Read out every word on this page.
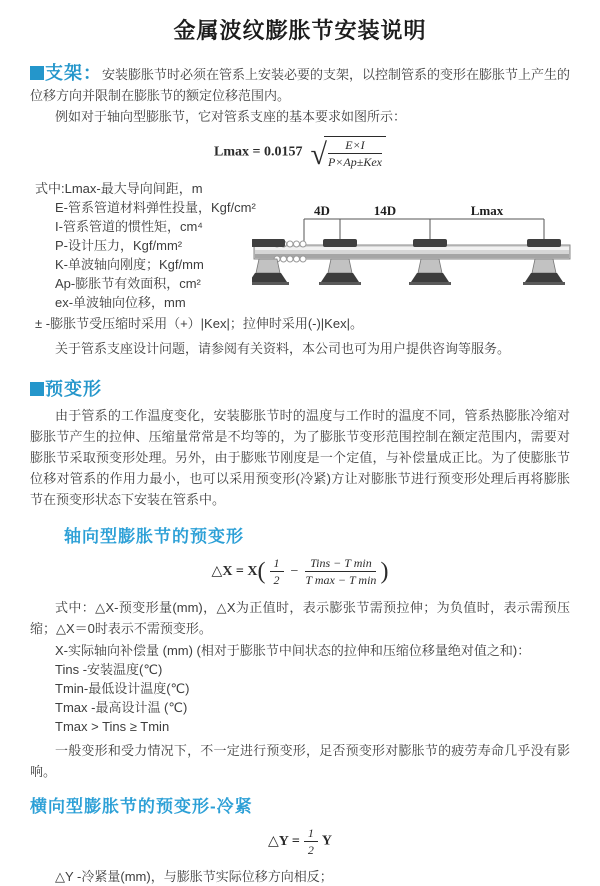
金属波纹膨胀节安装说明

支架：安装膨胀节时必须在管系上安装必要的支架，以控制管系的变形在膨胀节上产生的位移方向并限制在膨胀节的额定位移范围内。

例如对于轴向型膨胀节，它对管系支座的基本要求如图所示：

Lmax = 0.0157 √ $\frac{E\times I}{\text{P×Ap±Kex}}$
式中:Lmax-最大导向间距，m
E-管系管道材料弹性投量，Kgf/cm²
I-管系管道的惯性矩，cm⁴
P-设计压力，Kgf/mm²
K-单波轴向刚度；Kgf/mm
Ap-膨胀节有效面积，cm²
ex-单波轴向位移，mm
4D	14D	Lmax
± -膨胀节受压缩时采用（+）|Kex|；拉伸时采用(-)|Kex|。
关于管系支座设计问题，请参阅有关资料，本公司也可为用户提供咨询等服务。
预变形

由于管系的工作温度变化，安装膨胀节时的温度与工作时的温度不同，管系热膨胀冷缩对膨胀节产生的拉伸、压缩量常常是不均等的，为了膨胀节变形范围控制在额定范围内，需要对膨胀节采取预变形处理。另外，由于膨账节刚度是一个定值，与补偿量成正比。为了使膨胀节位移对管系的作用力最小，也可以采用预变形(冷紧)方让对膨胀节进行预变形处理后再将膨胀节在预变形状态下安装在管系中。

轴向型膨胀节的预变形
△X = $X( \frac{1}{2} - \frac{\text{Tins − T min}}{\text{T max − T min}}$ )

式中：△X-预变形量(mm)，△X为正值时，表示膨张节需预拉伸；为负值时，表示需预压缩；△X＝0时表示不需预变形。

X-实际轴向补偿量 (mm) (相对于膨胀节中间状态的拉伸和压缩位移量绝对值之和)：
Tins -安装温度(℃)
Tmin-最低设计温度(℃)
Tmax -最高设计温 (℃)
Tmax > Tins ≥ Tmin

一般变形和受力情况下，不一定进行预变形，足否预变形对膨胀节的疲劳寿命几乎没有影响。

横向型膨胀节的预变形-冷紧
△Y = $\frac{1}{2}$ Y
△Y -冷紧量(mm)，与膨胀节实际位移方向相反；
